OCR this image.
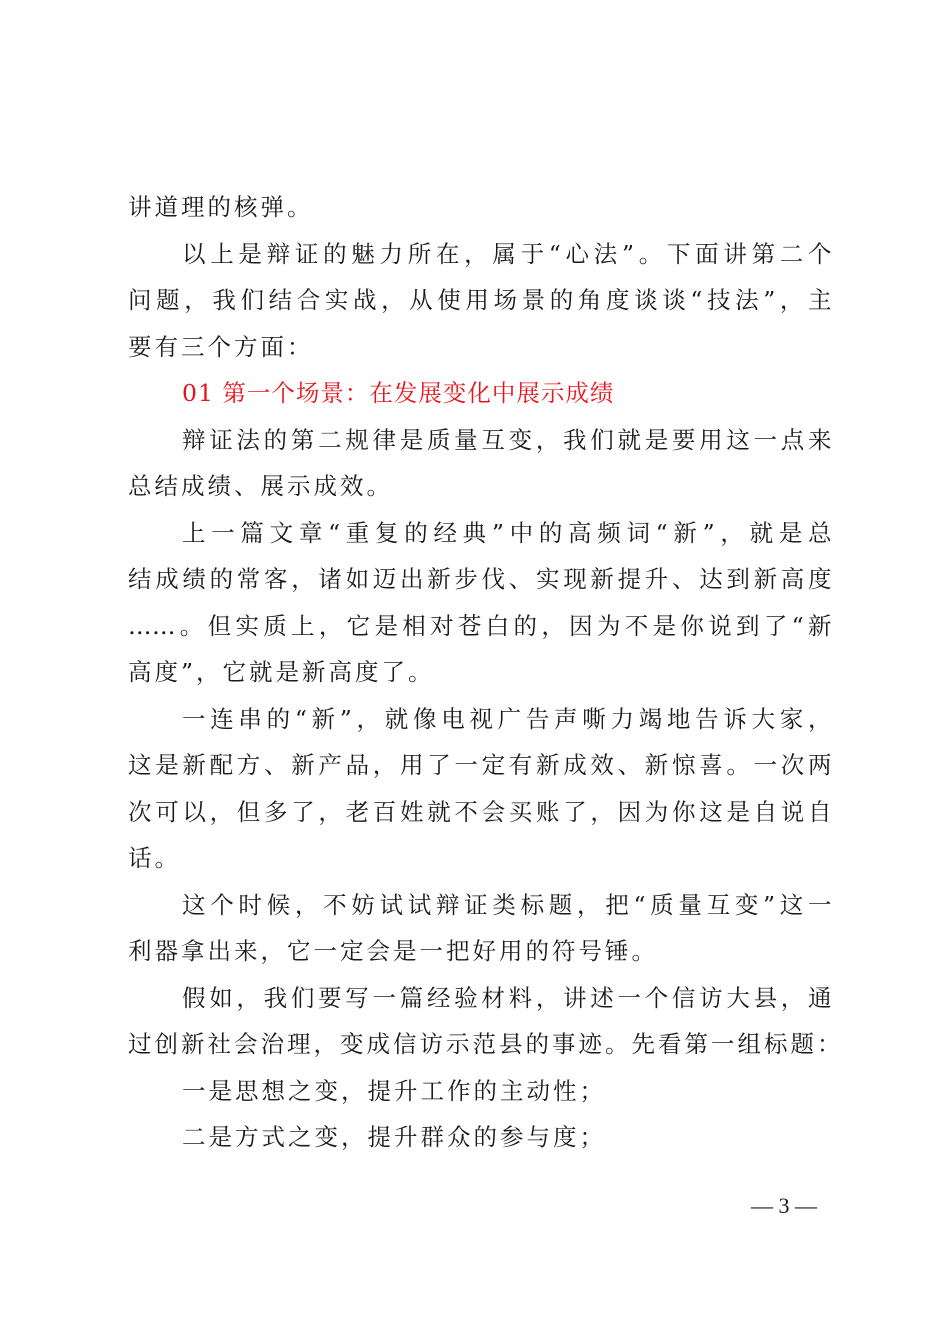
讲道理的核弹。
以上是辩证的魅力所在，属于“心法”。下面讲第二个
问题，我们结合实战，从使用场景的角度谈谈“技法”，主
要有三个方面：
01 第一个场景：在发展变化中展示成绩
辩证法的第二规律是质量互变，我们就是要用这一点来
总结成绩、展示成效。
上一篇文章“重复的经典”中的高频词“新”，就是总
结成绩的常客，诸如迈出新步伐、实现新提升、达到新高度
……。但实质上，它是相对苍白的，因为不是你说到了“新
高度”，它就是新高度了。
一连串的“新”，就像电视广告声嘶力竭地告诉大家，
这是新配方、新产品，用了一定有新成效、新惊喜。一次两
次可以，但多了，老百姓就不会买账了，因为你这是自说自
话。
这个时候，不妨试试辩证类标题，把“质量互变”这一
利器拿出来，它一定会是一把好用的符号锤。
假如，我们要写一篇经验材料，讲述一个信访大县，通
过创新社会治理，变成信访示范县的事迹。先看第一组标题：
一是思想之变，提升工作的主动性；
二是方式之变，提升群众的参与度；
— 3 —
